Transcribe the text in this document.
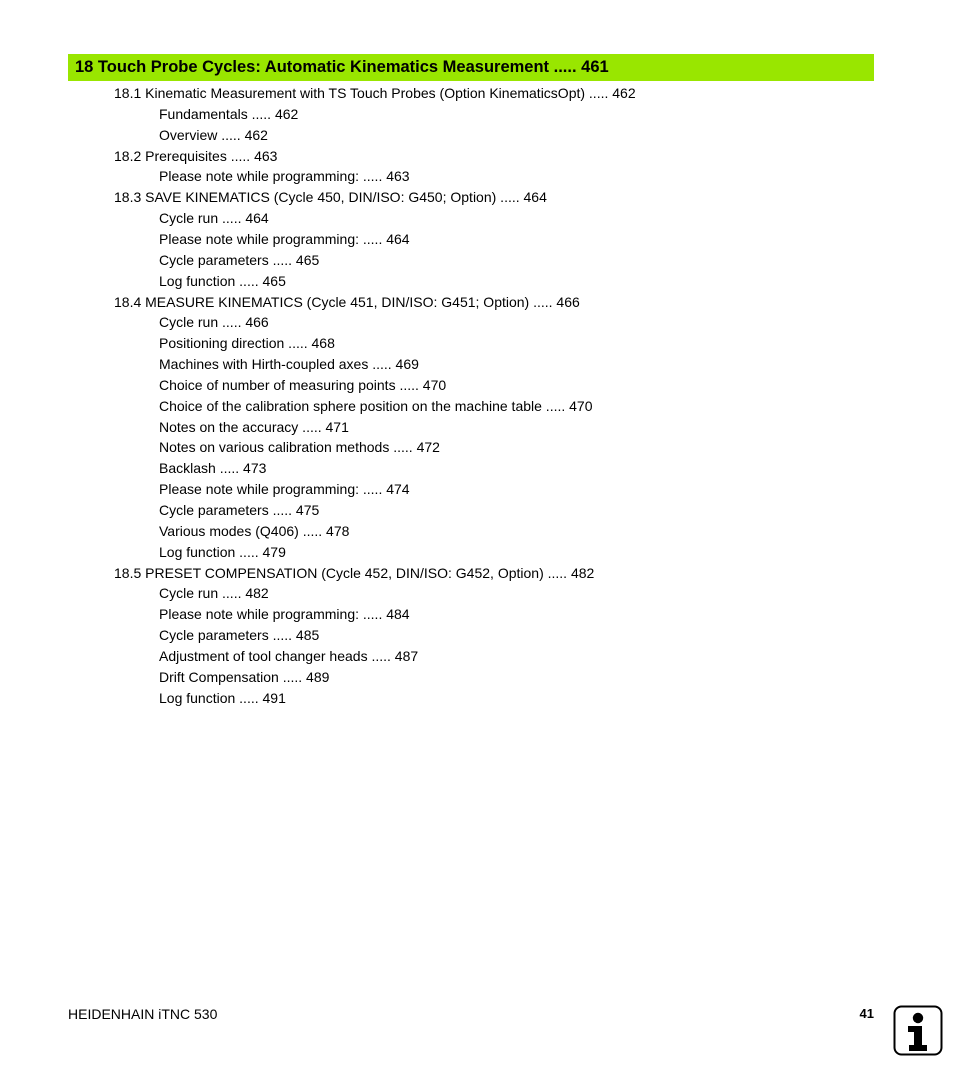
18 Touch Probe Cycles: Automatic Kinematics Measurement ..... 461
18.1 Kinematic Measurement with TS Touch Probes (Option KinematicsOpt) ..... 462
Fundamentals ..... 462
Overview ..... 462
18.2 Prerequisites ..... 463
Please note while programming: ..... 463
18.3 SAVE KINEMATICS (Cycle 450, DIN/ISO: G450; Option) ..... 464
Cycle run ..... 464
Please note while programming: ..... 464
Cycle parameters ..... 465
Log function ..... 465
18.4 MEASURE KINEMATICS (Cycle 451, DIN/ISO: G451; Option) ..... 466
Cycle run ..... 466
Positioning direction ..... 468
Machines with Hirth-coupled axes ..... 469
Choice of number of measuring points ..... 470
Choice of the calibration sphere position on the machine table ..... 470
Notes on the accuracy ..... 471
Notes on various calibration methods ..... 472
Backlash ..... 473
Please note while programming: ..... 474
Cycle parameters ..... 475
Various modes (Q406) ..... 478
Log function ..... 479
18.5 PRESET COMPENSATION (Cycle 452, DIN/ISO: G452, Option) ..... 482
Cycle run ..... 482
Please note while programming: ..... 484
Cycle parameters ..... 485
Adjustment of tool changer heads ..... 487
Drift Compensation ..... 489
Log function ..... 491
HEIDENHAIN iTNC 530	41
